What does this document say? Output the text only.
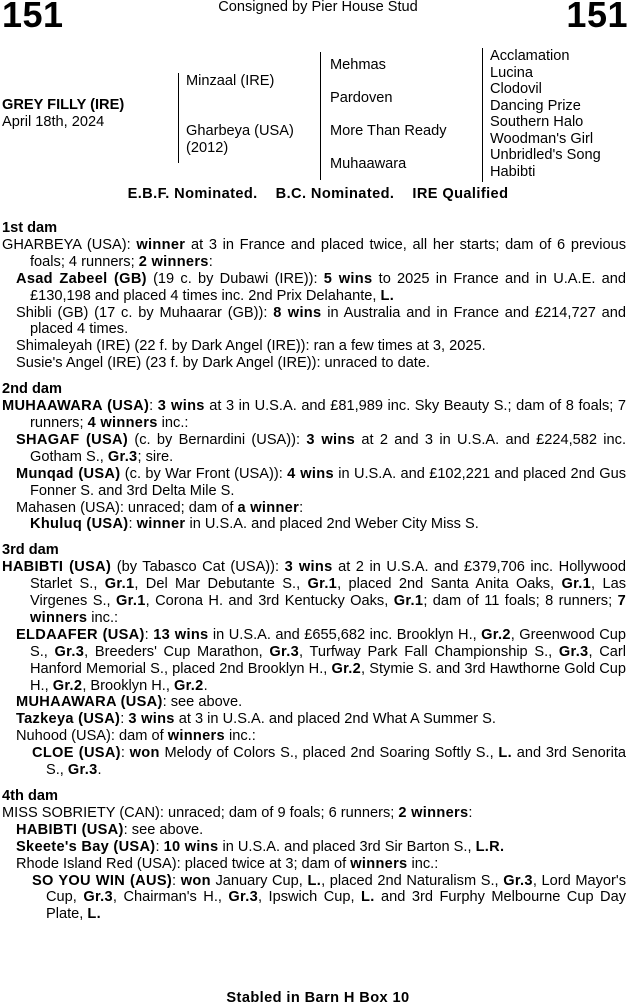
151	Consigned by Pier House Stud	151
GREY FILLY (IRE)
April 18th, 2024
Minzaal (IRE)
Gharbeya (USA)
(2012)
Mehmas
Pardoven
More Than Ready
Muhaawara
Acclamation
Lucina
Clodovil
Dancing Prize
Southern Halo
Woodman's Girl
Unbridled's Song
Habibti
E.B.F. Nominated. B.C. Nominated. IRE Qualified
1st dam
GHARBEYA (USA): winner at 3 in France and placed twice, all her starts; dam of 6 previous foals; 4 runners; 2 winners:
Asad Zabeel (GB) (19 c. by Dubawi (IRE)): 5 wins to 2025 in France and in U.A.E. and £130,198 and placed 4 times inc. 2nd Prix Delahante, L.
Shibli (GB) (17 c. by Muhaarar (GB)): 8 wins in Australia and in France and £214,727 and placed 4 times.
Shimaleyah (IRE) (22 f. by Dark Angel (IRE)): ran a few times at 3, 2025.
Susie's Angel (IRE) (23 f. by Dark Angel (IRE)): unraced to date.
2nd dam
MUHAAWARA (USA): 3 wins at 3 in U.S.A. and £81,989 inc. Sky Beauty S.; dam of 8 foals; 7 runners; 4 winners inc.:
SHAGAF (USA) (c. by Bernardini (USA)): 3 wins at 2 and 3 in U.S.A. and £224,582 inc. Gotham S., Gr.3; sire.
Munqad (USA) (c. by War Front (USA)): 4 wins in U.S.A. and £102,221 and placed 2nd Gus Fonner S. and 3rd Delta Mile S.
Mahasen (USA): unraced; dam of a winner:
Khuluq (USA): winner in U.S.A. and placed 2nd Weber City Miss S.
3rd dam
HABIBTI (USA) (by Tabasco Cat (USA)): 3 wins at 2 in U.S.A. and £379,706 inc. Hollywood Starlet S., Gr.1, Del Mar Debutante S., Gr.1, placed 2nd Santa Anita Oaks, Gr.1, Las Virgenes S., Gr.1, Corona H. and 3rd Kentucky Oaks, Gr.1; dam of 11 foals; 8 runners; 7 winners inc.:
ELDAAFER (USA): 13 wins in U.S.A. and £655,682 inc. Brooklyn H., Gr.2, Greenwood Cup S., Gr.3, Breeders' Cup Marathon, Gr.3, Turfway Park Fall Championship S., Gr.3, Carl Hanford Memorial S., placed 2nd Brooklyn H., Gr.2, Stymie S. and 3rd Hawthorne Gold Cup H., Gr.2, Brooklyn H., Gr.2.
MUHAAWARA (USA): see above.
Tazkeya (USA): 3 wins at 3 in U.S.A. and placed 2nd What A Summer S.
Nuhood (USA): dam of winners inc.:
CLOE (USA): won Melody of Colors S., placed 2nd Soaring Softly S., L. and 3rd Senorita S., Gr.3.
4th dam
MISS SOBRIETY (CAN): unraced; dam of 9 foals; 6 runners; 2 winners:
HABIBTI (USA): see above.
Skeete's Bay (USA): 10 wins in U.S.A. and placed 3rd Sir Barton S., L.R.
Rhode Island Red (USA): placed twice at 3; dam of winners inc.:
SO YOU WIN (AUS): won January Cup, L., placed 2nd Naturalism S., Gr.3, Lord Mayor's Cup, Gr.3, Chairman's H., Gr.3, Ipswich Cup, L. and 3rd Furphy Melbourne Cup Day Plate, L.
Stabled in Barn H Box 10
